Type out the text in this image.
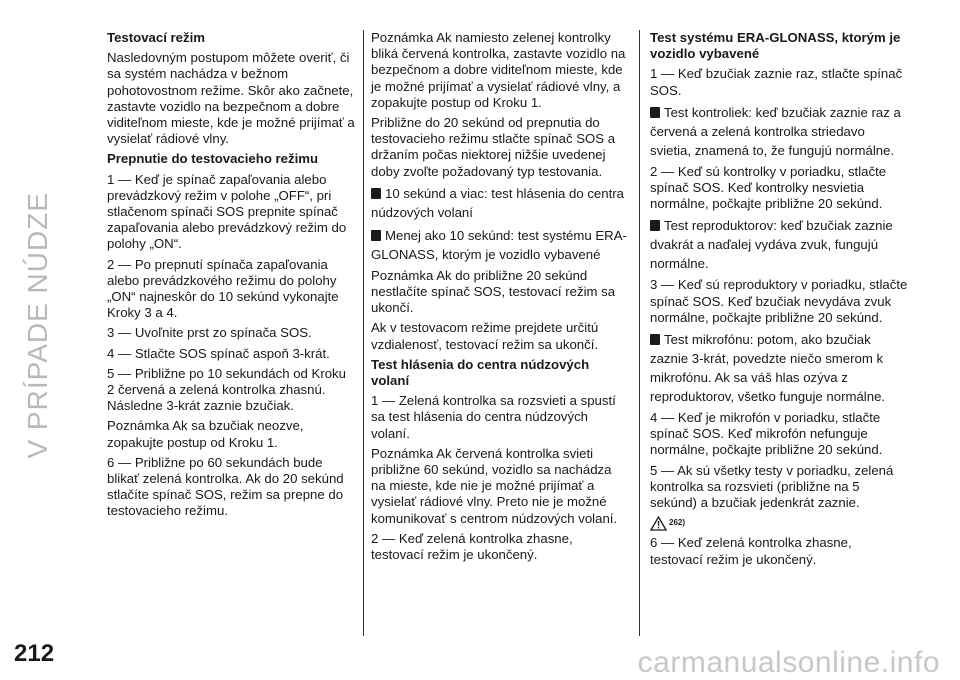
V PRÍPADE NÚDZE
212	carmanualsonline.info
Testovací režim

Nasledovným postupom môžete overiť, či sa systém nachádza v bežnom pohotovostnom režime. Skôr ako začnete, zastavte vozidlo na bezpečnom a dobre viditeľnom mieste, kde je možné prijímať a vysielať rádiové vlny.

Prepnutie do testovacieho režimu

1 — Keď je spínač zapaľovania alebo prevádzkový režim v polohe „OFF“, pri stlačenom spínači SOS prepnite spínač zapaľovania alebo prevádzkový režim do polohy „ON“.

2 — Po prepnutí spínača zapaľovania alebo prevádzkového režimu do polohy „ON“ najneskôr do 10 sekúnd vykonajte Kroky 3 a 4.

3 — Uvoľnite prst zo spínača SOS.

4 — Stlačte SOS spínač aspoň 3-krát.

5 — Približne po 10 sekundách od Kroku 2 červená a zelená kontrolka zhasnú. Následne 3-krát zaznie bzučiak.

Poznámka Ak sa bzučiak neozve, zopakujte postup od Kroku 1.

6 — Približne po 60 sekundách bude blikať zelená kontrolka. Ak do 20 sekúnd stlačíte spínač SOS, režim sa prepne do testovacieho režimu.

Poznámka Ak namiesto zelenej kontrolky bliká červená kontrolka, zastavte vozidlo na bezpečnom a dobre viditeľnom mieste, kde je možné prijímať a vysielať rádiové vlny, a zopakujte postup od Kroku 1.

Približne do 20 sekúnd od prepnutia do testovacieho režimu stlačte spínač SOS a držaním počas niektorej nižšie uvedenej doby zvoľte požadovaný typ testovania.

10 sekúnd a viac: test hlásenia do centra núdzových volaní
Menej ako 10 sekúnd: test systému ERA-GLONASS, ktorým je vozidlo vybavené

Poznámka Ak do približne 20 sekúnd nestlačíte spínač SOS, testovací režim sa ukončí.

Ak v testovacom režime prejdete určitú vzdialenosť, testovací režim sa ukončí.

Test hlásenia do centra núdzových volaní

1 — Zelená kontrolka sa rozsvieti a spustí sa test hlásenia do centra núdzových volaní.

Poznámka Ak červená kontrolka svieti približne 60 sekúnd, vozidlo sa nachádza na mieste, kde nie je možné prijímať a vysielať rádiové vlny. Preto nie je možné komunikovať s centrom núdzových volaní.

2 — Keď zelená kontrolka zhasne, testovací režim je ukončený.

Test systému ERA-GLONASS, ktorým je vozidlo vybavené

1 — Keď bzučiak zaznie raz, stlačte spínač SOS.

Test kontroliek: keď bzučiak zaznie raz a červená a zelená kontrolka striedavo svietia, znamená to, že fungujú normálne.

2 — Keď sú kontrolky v poriadku, stlačte spínač SOS. Keď kontrolky nesvietia normálne, počkajte približne 20 sekúnd.

Test reproduktorov: keď bzučiak zaznie dvakrát a naďalej vydáva zvuk, fungujú normálne.

3 — Keď sú reproduktory v poriadku, stlačte spínač SOS. Keď bzučiak nevydáva zvuk normálne, počkajte približne 20 sekúnd.

Test mikrofónu: potom, ako bzučiak zaznie 3-krát, povedzte niečo smerom k mikrofónu. Ak sa váš hlas ozýva z reproduktorov, všetko funguje normálne.

4 — Keď je mikrofón v poriadku, stlačte spínač SOS. Keď mikrofón nefunguje normálne, počkajte približne 20 sekúnd.

5 — Ak sú všetky testy v poriadku, zelená kontrolka sa rozsvieti (približne na 5 sekúnd) a bzučiak jedenkrát zaznie.

262)

6 — Keď zelená kontrolka zhasne, testovací režim je ukončený.
